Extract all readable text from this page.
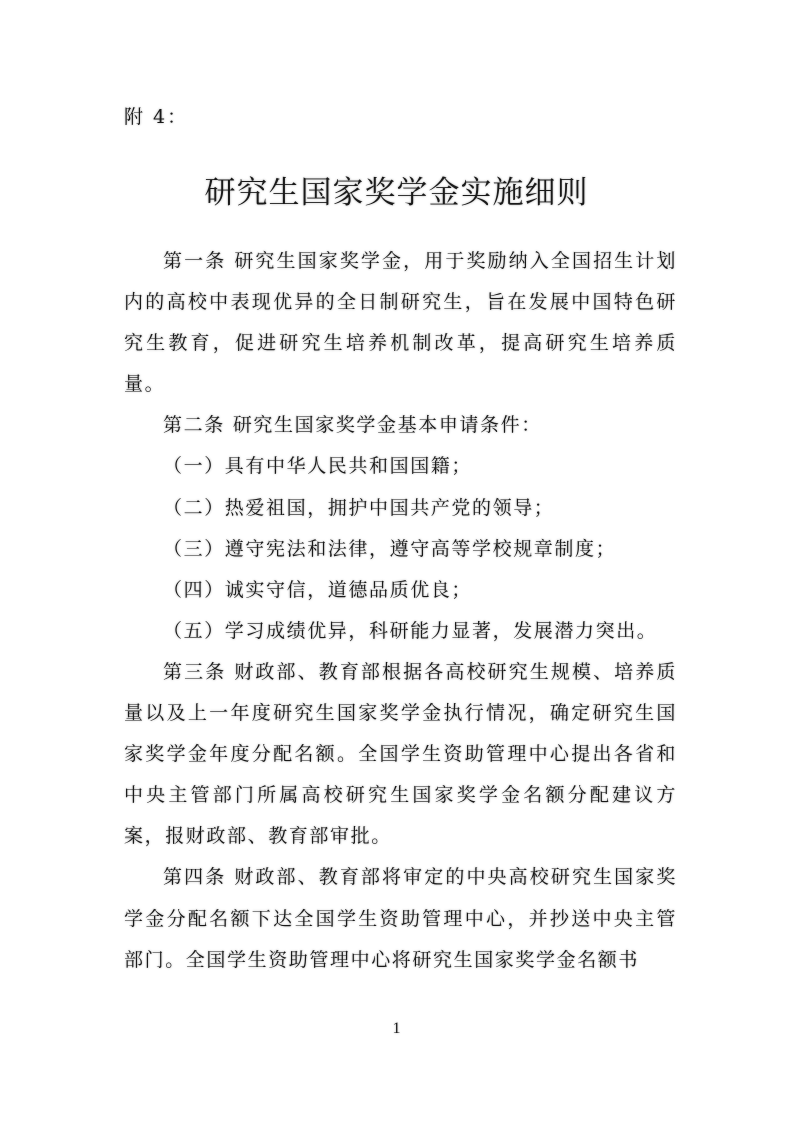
附 4：
研究生国家奖学金实施细则

第一条 研究生国家奖学金，用于奖励纳入全国招生计划内的高校中表现优异的全日制研究生，旨在发展中国特色研究生教育，促进研究生培养机制改革，提高研究生培养质量。

第二条 研究生国家奖学金基本申请条件：

（一）具有中华人民共和国国籍；

（二）热爱祖国，拥护中国共产党的领导；

（三）遵守宪法和法律，遵守高等学校规章制度；

（四）诚实守信，道德品质优良；

（五）学习成绩优异，科研能力显著，发展潜力突出。

第三条 财政部、教育部根据各高校研究生规模、培养质量以及上一年度研究生国家奖学金执行情况，确定研究生国家奖学金年度分配名额。全国学生资助管理中心提出各省和中央主管部门所属高校研究生国家奖学金名额分配建议方案，报财政部、教育部审批。

第四条 财政部、教育部将审定的中央高校研究生国家奖学金分配名额下达全国学生资助管理中心，并抄送中央主管部门。全国学生资助管理中心将研究生国家奖学金名额书

1
